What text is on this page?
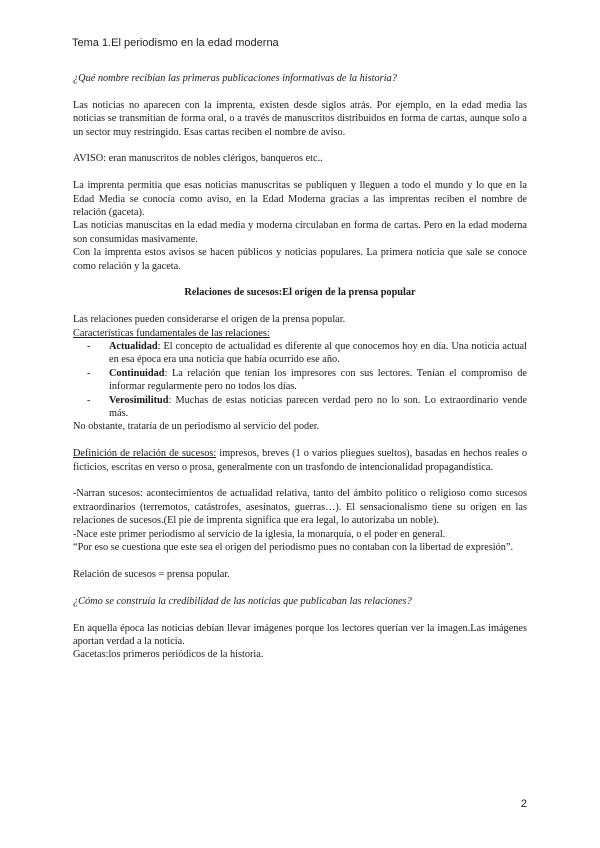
Tema 1.El periodismo en la edad moderna

¿Qué nombre recibían las primeras publicaciones informativas de la historia?

Las noticias no aparecen con la imprenta, existen desde siglos atrás. Por ejemplo, en la edad media las noticias se transmitían de forma oral, o a través de manuscritos distribuidos en forma de cartas, aunque solo a un sector muy restringido. Esas cartas reciben el nombre de aviso.

AVISO: eran manuscritos de nobles clérigos, banqueros etc..

La imprenta permitía que esas noticias manuscritas se publiquen y lleguen a todo el mundo y lo que en la Edad Media se conocía como aviso, en la Edad Moderna gracias a las imprentas reciben el nombre de relación (gaceta).

Las noticias manuscitas en la edad media y moderna circulaban en forma de cartas. Pero en la edad moderna son consumidas masivamente.

Con la imprenta estos avisos se hacen públicos y noticias populares. La primera noticia que sale se conoce como relación y la gaceta.

Relaciones de sucesos:El origen de la prensa popular

Las relaciones pueden considerarse el origen de la prensa popular.

Características fundamentales de las relaciones:

- Actualidad: El concepto de actualidad es diferente al que conocemos hoy en día. Una noticia actual en esa época era una noticia que había ocurrido ese año.
- Continuidad: La relación que tenían los impresores con sus lectores. Tenían el compromiso de informar regularmente pero no todos los días.
- Verosimilitud: Muchas de estas noticias parecen verdad pero no lo son. Lo extraordinario vende más.

No obstante, trataría de un periodismo al servicio del poder.

Definición de relación de sucesos: impresos, breves (1 o varios pliegues sueltos), basadas en hechos reales o ficticios, escritas en verso o prosa, generalmente con un trasfondo de intencionalidad propagandística.

-Narran sucesos: acontecimientos de actualidad relativa, tanto del ámbito político o religioso como sucesos extraordinarios (terremotos, catástrofes, asesinatos, guerras…). El sensacionalismo tiene su origen en las relaciones de sucesos.(El pie de imprenta significa que era legal, lo autorizaba un noble).

-Nace este primer periodismo al servicio de la iglesia, la monarquía, o el poder en general.

“Por eso se cuestiona que este sea el origen del periodismo pues no contaban con la libertad de expresión”.

Relación de sucesos = prensa popular.

¿Cómo se construía la credibilidad de las noticias que publicaban las relaciones?

En aquella época las noticias debían llevar imágenes porque los lectores querían ver la imagen.Las imágenes aportan verdad a la noticia.

Gacetas:los primeros periódicos de la historia.

2
